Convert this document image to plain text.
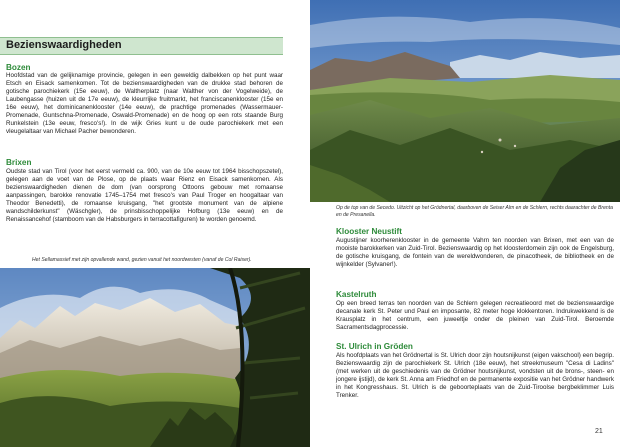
Bezienswaardigheden
Bozen
Hoofdstad van de gelijknamige provincie, gelegen in een geweldig dalbekken op het punt waar Etsch en Eisack samenkomen. Tot de bezienswaardigheden van de drukke stad behoren de gotische parochiekerk (15e eeuw), de Waltherplatz (naar Walther von der Vogelweide), de Laubengasse (huizen uit de 17e eeuw), de kleurrijke fruitmarkt, het franciscanenklooster (15e en 16e eeuw), het dominicanenklooster (14e eeuw), de prachtige promenades (Wassermauer-Promenade, Guntschna-Promenade, Oswald-Promenade) en de hoog op een rots staande Burg Runkelstein (13e eeuw, fresco's!). In de wijk Gries kunt u de oude parochiekerk met een vleugelaltaar van Michael Pacher bewonderen.
Brixen
Oudste stad van Tirol (voor het eerst vermeld ca. 900, van de 10e eeuw tot 1964 bisschopszetel), gelegen aan de voet van de Plose, op de plaats waar Rienz en Eisack samenkomen. Als bezienswaardigheden dienen de dom (van oorsprong Ottoons gebouw met romaanse aanpassingen, barokke renovatie 1745–1754 met fresco's van Paul Troger en hoogaltaar van Theodor Benedetti), de romaanse kruisgang, "het grootste monument van de alpiene wandschilderkunst" (Wäschgler), de prinsbisschoppelijke Hofburg (13e eeuw) en de Renaissancehof (stamboom van de Habsburgers in terracottafiguren) te worden genoemd.
Het Sellamassief met zijn opvallende wand, gezien vanuit het noordwesten (vanaf de Col Raiser).
Op de top van de Secedo. Uitzicht op het Grödnertal, daarboven de Seiser Alm en de Schlern, rechts daarachter de Brenta en de Presanella.
Klooster Neustift
Augustijner koorherenklooster in de gemeente Vahrn ten noorden van Brixen, met een van de mooiste barokkerken van Zuid-Tirol. Bezienswaardig op het kloosterdomein zijn ook de Engelsburg, de gotische kruisgang, de fontein van de wereldwonderen, de pinacotheek, de bibliotheek en de wijnkelder (Sylvaner!).
Kastelruth
Op een breed terras ten noorden van de Schlern gelegen recreatieoord met de bezienswaardige decanale kerk St. Peter und Paul en imposante, 82 meter hoge klokkentoren. Indrukwekkend is de Krausplatz in het centrum, een juweeltje onder de pleinen van Zuid-Tirol. Beroemde Sacramentsdagprocessie.
St. Ulrich in Gröden
Als hoofdplaats van het Grödnertal is St. Ulrich door zijn houtsnijkunst (eigen vakschool) een begrip. Bezienswaardig zijn de parochiekerk St. Ulrich (18e eeuw), het streekmuseum "Cesa di Ladins" (met werken uit de geschiedenis van de Grödner houtsnijkunst, vondsten uit de brons-, steen- en jongere ijstijd), de kerk St. Anna am Friedhof en de permanente expositie van het Grödner handwerk in het Kongresshaus. St. Ulrich is de geboorteplaats van de Zuid-Tiroolse bergbeklimmer Luis Trenker.
21
